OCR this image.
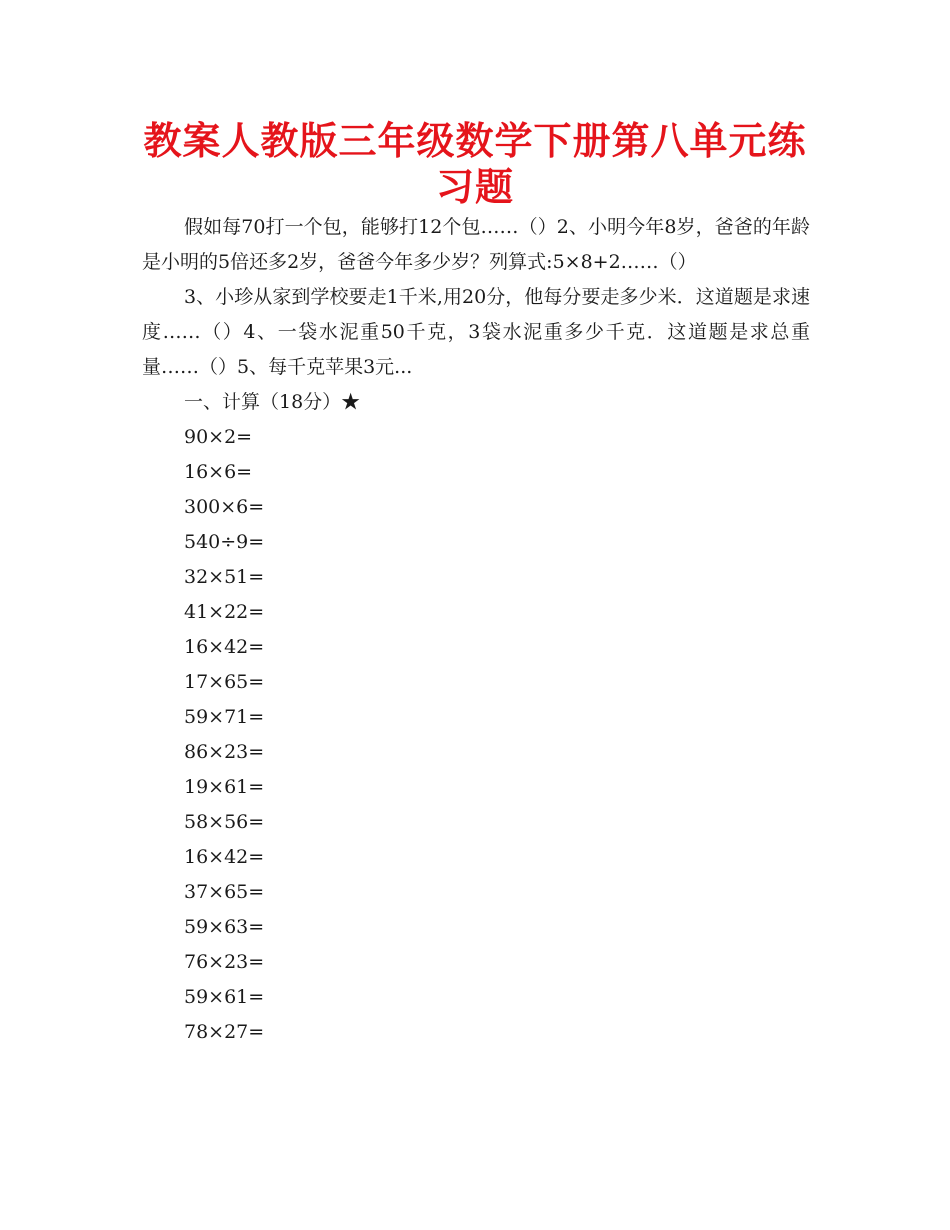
教案人教版三年级数学下册第八单元练习题

假如每70打一个包，能够打12个包……（）2、小明今年8岁，爸爸的年龄是小明的5倍还多2岁，爸爸今年多少岁？列算式:5×8+2……（）

3、小珍从家到学校要走1千米,用20分，他每分要走多少米．这道题是求速度……（）4、一袋水泥重50千克，3袋水泥重多少千克．这道题是求总重量……（）5、每千克苹果3元...

一、计算（18分）★

90×2=
16×6=
300×6=
540÷9=
32×51=
41×22=
16×42=
17×65=
59×71=
86×23=
19×61=
58×56=
16×42=
37×65=
59×63=
76×23=
59×61=
78×27=
